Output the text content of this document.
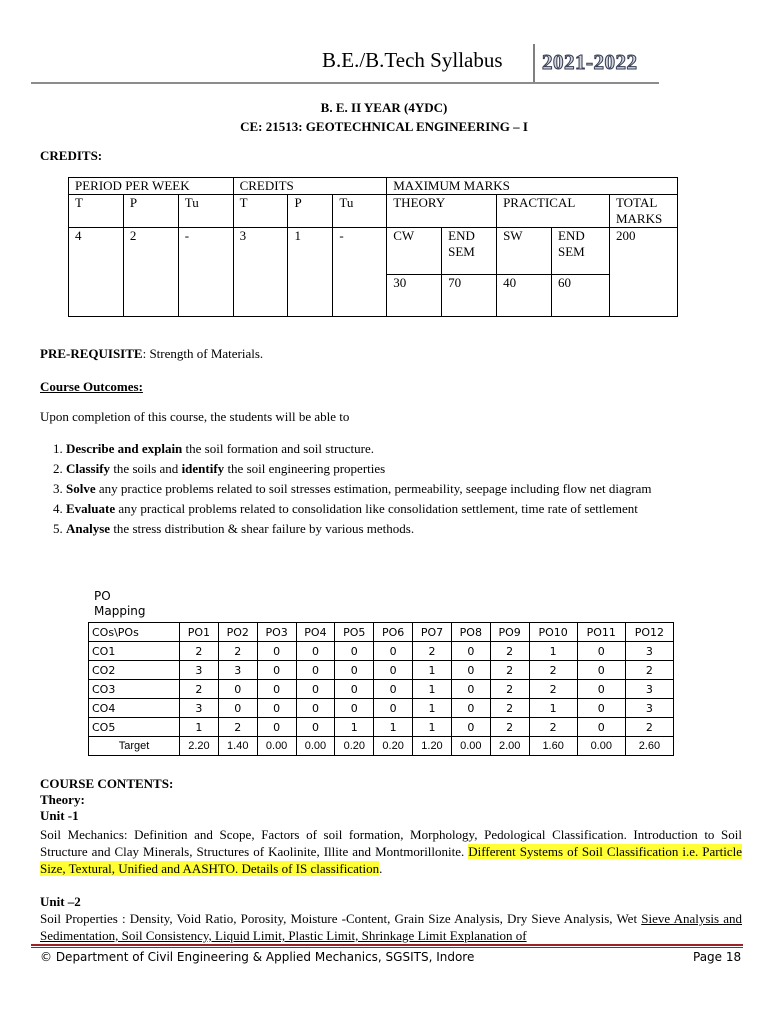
B.E./B.Tech Syllabus 2021-2022
B. E. II YEAR (4YDC)
CE: 21513: GEOTECHNICAL ENGINEERING – I
CREDITS:
PERIOD PER WEEK			CREDITS			MAXIMUM MARKS				
T	P	Tu	T	P	Tu	THEORY		PRACTICAL		TOTAL MARKS
4	2	-	3	1	-	CW	END SEM	SW	END SEM	200
						30	70	40	60	
PRE-REQUISITE: Strength of Materials.
Course Outcomes:
Upon completion of this course, the students will be able to
1. Describe and explain the soil formation and soil structure.
2. Classify the soils and identify the soil engineering properties
3. Solve any practice problems related to soil stresses estimation, permeability, seepage including flow net diagram
4. Evaluate any practical problems related to consolidation like consolidation settlement, time rate of settlement
5. Analyse the stress distribution & shear failure by various methods.
PO
Mapping
COs\POs	PO1	PO2	PO3	PO4	PO5	PO6	PO7	PO8	PO9	PO10	PO11	PO12
CO1	2	2	0	0	0	0	2	0	2	1	0	3
CO2	3	3	0	0	0	0	1	0	2	2	0	2
CO3	2	0	0	0	0	0	1	0	2	2	0	3
CO4	3	0	0	0	0	0	1	0	2	1	0	3
CO5	1	2	0	0	1	1	1	0	2	2	0	2
Target	2.20	1.40	0.00	0.00	0.20	0.20	1.20	0.00	2.00	1.60	0.00	2.60
COURSE CONTENTS:
Theory:
Unit -1
Soil Mechanics: Definition and Scope, Factors of soil formation, Morphology, Pedological Classification. Introduction to Soil Structure and Clay Minerals, Structures of Kaolinite, Illite and Montmorillonite. Different Systems of Soil Classification i.e. Particle Size, Textural, Unified and AASHTO. Details of IS classification.
Unit –2
Soil Properties : Density, Void Ratio, Porosity, Moisture -Content, Grain Size Analysis, Dry Sieve Analysis, Wet Sieve Analysis and Sedimentation, Soil Consistency, Liquid Limit, Plastic Limit, Shrinkage Limit Explanation of
© Department of Civil Engineering & Applied Mechanics, SGSITS, Indore	Page 18
